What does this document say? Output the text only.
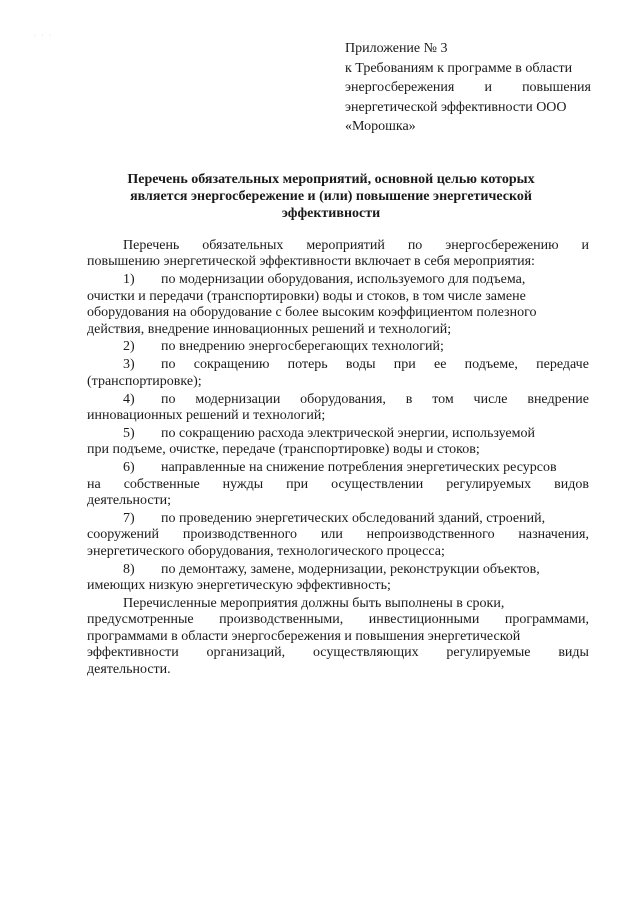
· · ·
Приложение № 3
к Требованиям к программе в области
энергосбережения и повышения
энергетической эффективности ООО
«Морошка»
Перечень обязательных мероприятий, основной целью которых
является энергосбережение и (или) повышение энергетической
эффективности
Перечень обязательных мероприятий по энергосбережению и
повышению энергетической эффективности включает в себя мероприятия:
1)	по модернизации оборудования, используемого для подъема,
очистки и передачи (транспортировки) воды и стоков, в том числе замене
оборудования на оборудование с более высоким коэффициентом полезного
действия, внедрение инновационных решений и технологий;
2)	по внедрению энергосберегающих технологий;
3)	по сокращению потерь воды при ее подъеме, передаче
(транспортировке);
4)	по модернизации оборудования, в том числе внедрение
инновационных решений и технологий;
5)	по сокращению расхода электрической энергии, используемой
при подъеме, очистке, передаче (транспортировке) воды и стоков;
6)	направленные на снижение потребления энергетических ресурсов
на собственные нужды при осуществлении регулируемых видов
деятельности;
7)	по проведению энергетических обследований зданий, строений,
сооружений производственного или непроизводственного назначения,
энергетического оборудования, технологического процесса;
8)	по демонтажу, замене, модернизации, реконструкции объектов,
имеющих низкую энергетическую эффективность;
Перечисленные мероприятия должны быть выполнены в сроки,
предусмотренные производственными, инвестиционными программами,
программами в области энергосбережения и повышения энергетической
эффективности организаций, осуществляющих регулируемые виды
деятельности.
